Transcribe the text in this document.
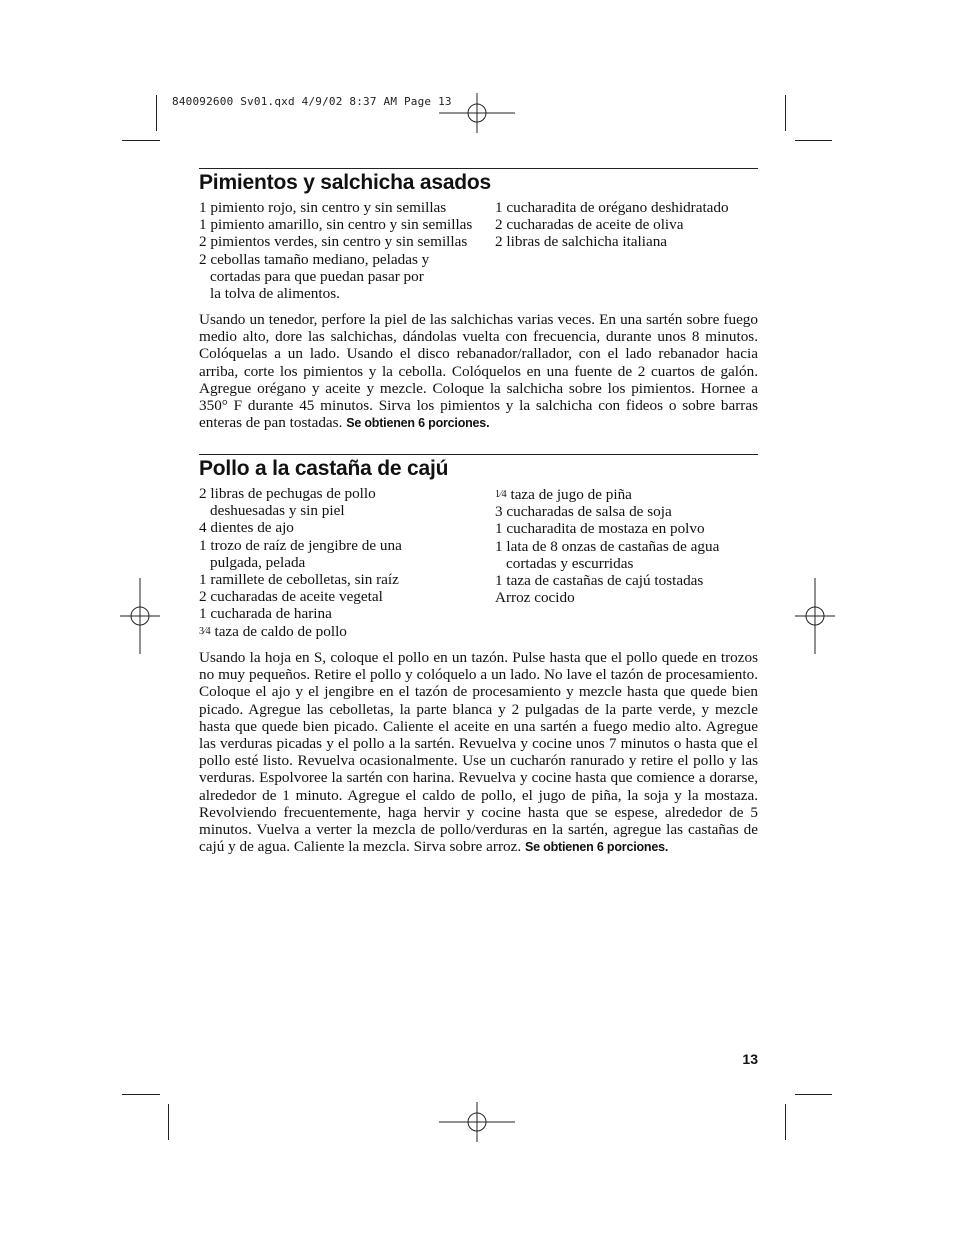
840092600 Sv01.qxd 4/9/02 8:37 AM Page 13
Pimientos y salchicha asados

1 pimiento rojo, sin centro y sin semillas

1 pimiento amarillo, sin centro y sin semillas

2 pimientos verdes, sin centro y sin semillas

2 cebollas tamaño mediano, peladas y

cortadas para que puedan pasar por

la tolva de alimentos.

1 cucharadita de orégano deshidratado

2 cucharadas de aceite de oliva

2 libras de salchicha italiana

Usando un tenedor, perfore la piel de las salchichas varias veces. En una sartén sobre fuego medio alto, dore las salchichas, dándolas vuelta con frecuencia, durante unos 8 minutos. Colóquelas a un lado. Usando el disco rebanador/rallador, con el lado rebanador hacia arriba, corte los pimientos y la cebolla. Colóquelos en una fuente de 2 cuartos de galón. Agregue orégano y aceite y mezcle. Coloque la salchicha sobre los pimientos. Hornee a 350° F durante 45 minutos. Sirva los pimientos y la salchicha con fideos o sobre barras enteras de pan tostadas. Se obtienen 6 porciones.

Pollo a la castaña de cajú

2 libras de pechugas de pollo

deshuesadas y sin piel

4 dientes de ajo

1 trozo de raíz de jengibre de una

pulgada, pelada

1 ramillete de cebolletas, sin raíz

2 cucharadas de aceite vegetal

1 cucharada de harina

3⁄4 taza de caldo de pollo

1⁄4 taza de jugo de piña

3 cucharadas de salsa de soja

1 cucharadita de mostaza en polvo

1 lata de 8 onzas de castañas de agua

cortadas y escurridas

1 taza de castañas de cajú tostadas

Arroz cocido

Usando la hoja en S, coloque el pollo en un tazón. Pulse hasta que el pollo quede en trozos no muy pequeños. Retire el pollo y colóquelo a un lado. No lave el tazón de procesamiento. Coloque el ajo y el jengibre en el tazón de procesamiento y mezcle hasta que quede bien picado. Agregue las cebolletas, la parte blanca y 2 pulgadas de la parte verde, y mezcle hasta que quede bien picado. Caliente el aceite en una sartén a fuego medio alto. Agregue las verduras picadas y el pollo a la sartén. Revuelva y cocine unos 7 minutos o hasta que el pollo esté listo. Revuelva ocasionalmente. Use un cucharón ranurado y retire el pollo y las verduras. Espolvoree la sartén con harina. Revuelva y cocine hasta que comience a dorarse, alrededor de 1 minuto. Agregue el caldo de pollo, el jugo de piña, la soja y la mostaza. Revolviendo frecuentemente, haga hervir y cocine hasta que se espese, alrededor de 5 minutos. Vuelva a verter la mezcla de pollo/verduras en la sartén, agregue las castañas de cajú y de agua. Caliente la mezcla. Sirva sobre arroz. Se obtienen 6 porciones.

13
